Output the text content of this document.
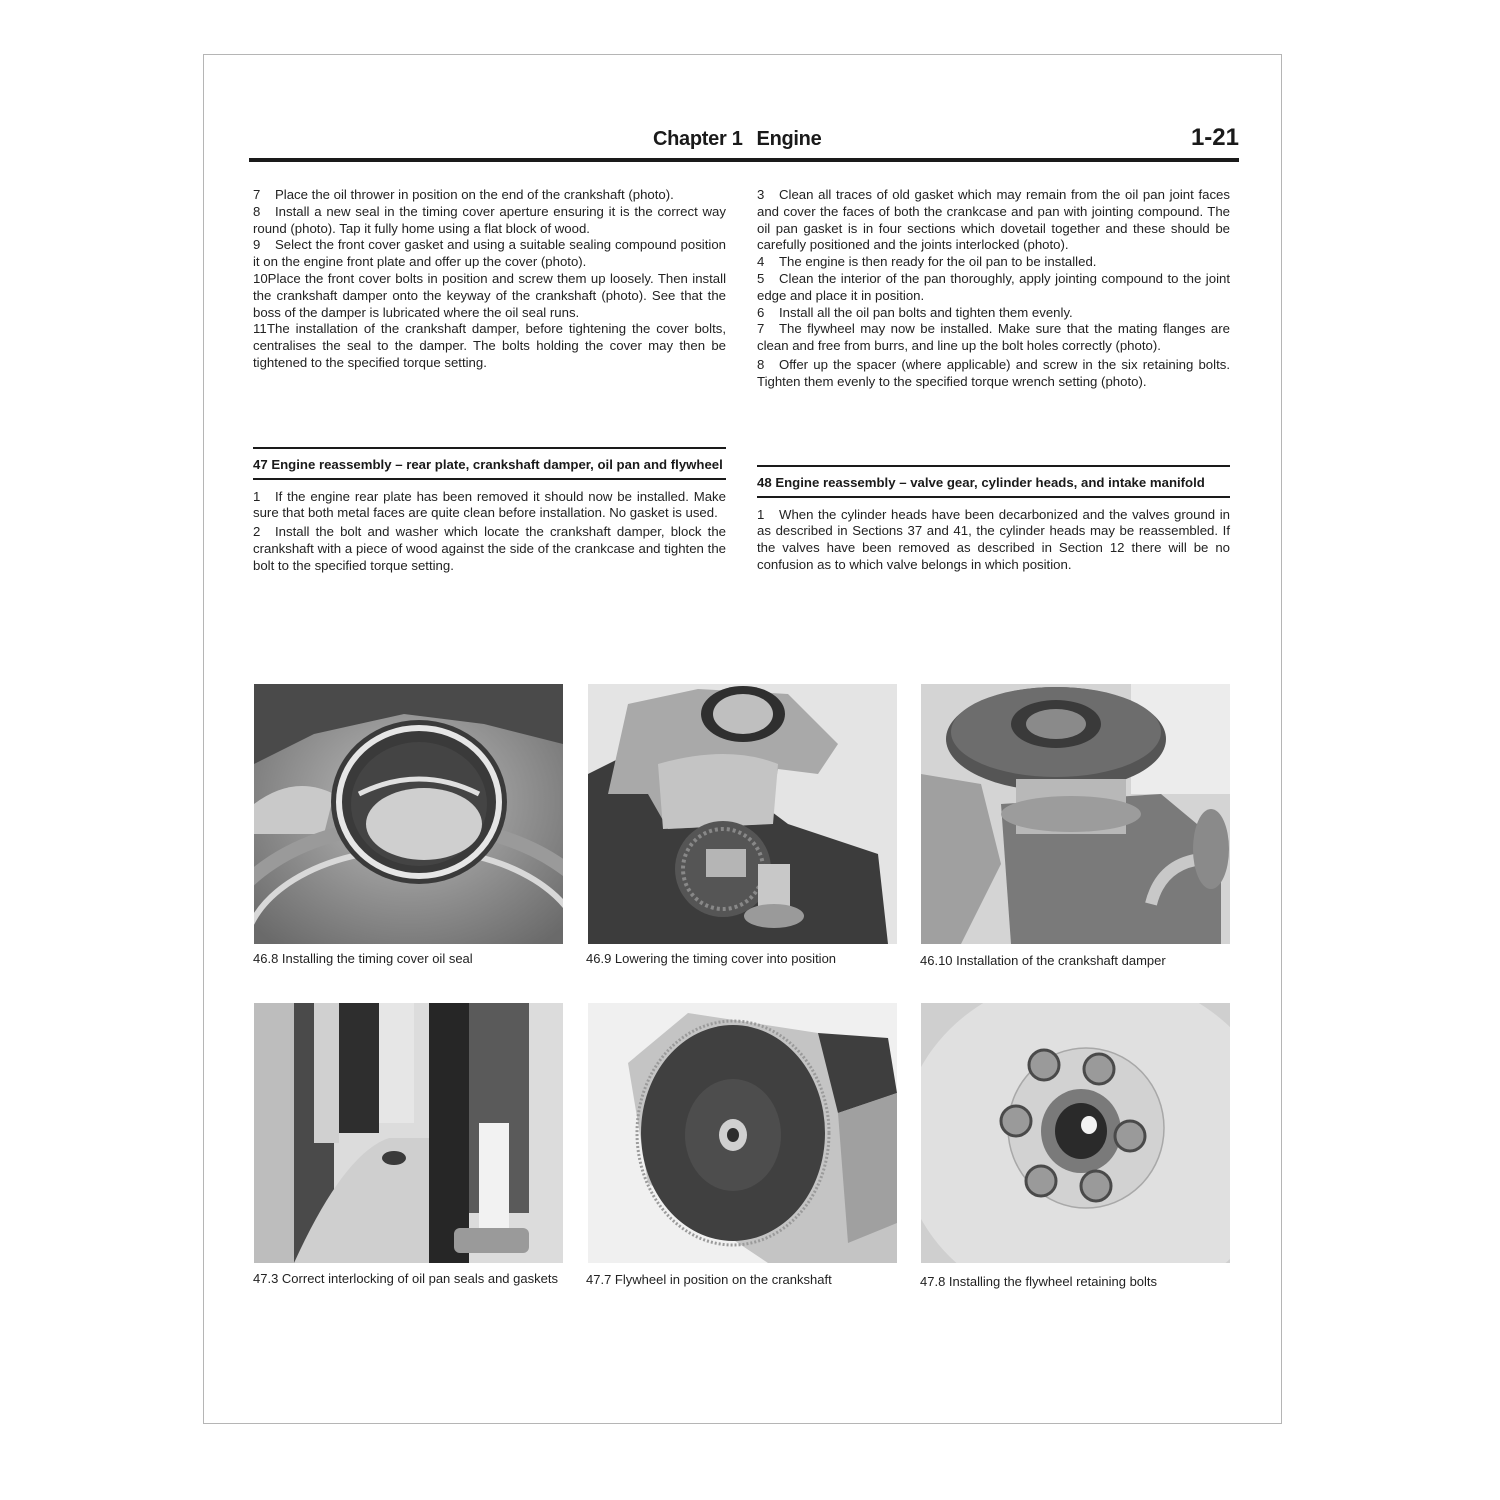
Chapter 1 Engine	1-21

7 Place the oil thrower in position on the end of the crankshaft (photo).

8 Install a new seal in the timing cover aperture ensuring it is the correct way round (photo). Tap it fully home using a flat block of wood.

9 Select the front cover gasket and using a suitable sealing compound position it on the engine front plate and offer up the cover (photo).

10Place the front cover bolts in position and screw them up loosely. Then install the crankshaft damper onto the keyway of the crankshaft (photo). See that the boss of the damper is lubricated where the oil seal runs.

11The installation of the crankshaft damper, before tightening the cover bolts, centralises the seal to the damper. The bolts holding the cover may then be tightened to the specified torque setting.

47 Engine reassembly – rear plate, crankshaft damper, oil pan and flywheel

1 If the engine rear plate has been removed it should now be installed. Make sure that both metal faces are quite clean before installation. No gasket is used.

2 Install the bolt and washer which locate the crankshaft damper, block the crankshaft with a piece of wood against the side of the crankcase and tighten the bolt to the specified torque setting.

3 Clean all traces of old gasket which may remain from the oil pan joint faces and cover the faces of both the crankcase and pan with jointing compound. The oil pan gasket is in four sections which dovetail together and these should be carefully positioned and the joints interlocked (photo).

4 The engine is then ready for the oil pan to be installed.

5 Clean the interior of the pan thoroughly, apply jointing compound to the joint edge and place it in position.

6 Install all the oil pan bolts and tighten them evenly.

7 The flywheel may now be installed. Make sure that the mating flanges are clean and free from burrs, and line up the bolt holes correctly (photo).

8 Offer up the spacer (where applicable) and screw in the six retaining bolts. Tighten them evenly to the specified torque wrench setting (photo).

48 Engine reassembly – valve gear, cylinder heads, and intake manifold

1 When the cylinder heads have been decarbonized and the valves ground in as described in Sections 37 and 41, the cylinder heads may be reassembled. If the valves have been removed as described in Section 12 there will be no confusion as to which valve belongs in which position.

46.8 Installing the timing cover oil seal	46.9 Lowering the timing cover into position	46.10 Installation of the crankshaft damper
47.3 Correct interlocking of oil pan seals and gaskets	47.7 Flywheel in position on the crankshaft	47.8 Installing the flywheel retaining bolts
